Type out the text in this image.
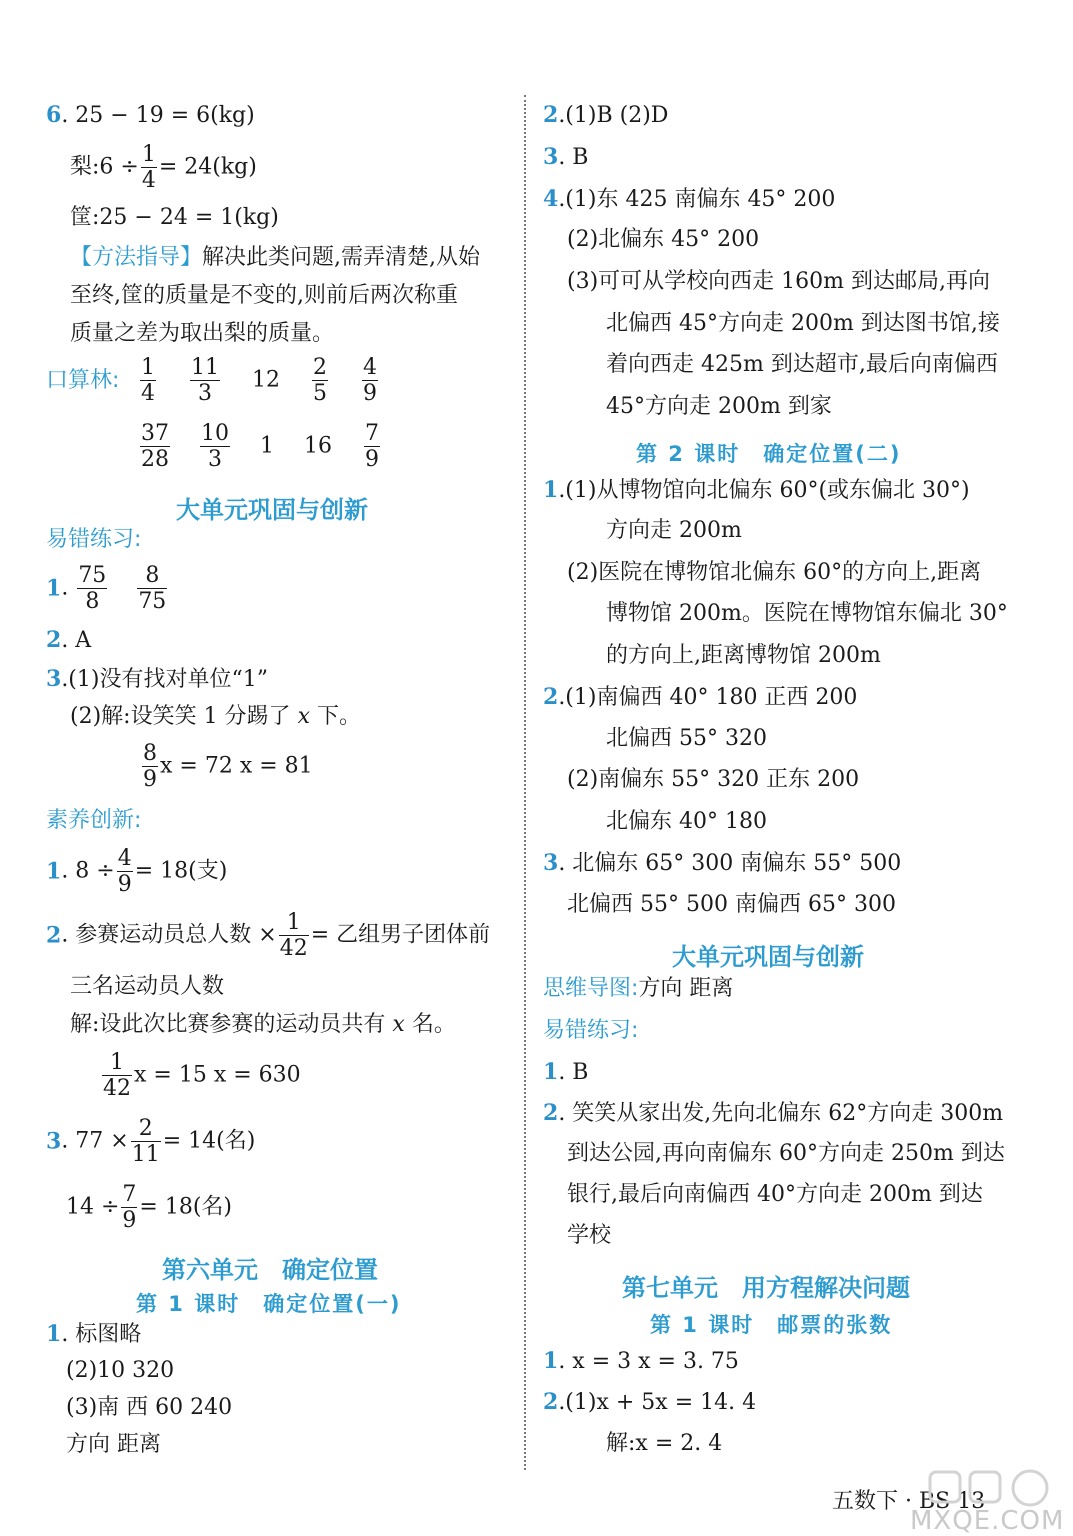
6. 25 − 19 = 6(kg)
梨:6 ÷ $\frac{1}{4} = 24(kg)$
筐:25 − 24 = 1(kg)
【方法指导】解决此类问题,需弄清楚,从始
至终,筐的质量是不变的,则前后两次称重
质量之差为取出梨的质量。
口算林: $\frac{1}{4}$
$\frac{11}{3} 12 \frac{2}{5}$
$\frac{4}{9}$
$\frac{37}{28}$
$\frac{10}{3} 1$ $16 \frac{7}{9}$
大单元巩固与创新
易错练习:
1. $\frac{75}{8}$
$\frac{8}{75}$
2. A
3.(1)没有找对单位“1”
(2)解:设笑笑 1 分踢了 x 下。
$\frac{8}{9}$ x = 72 x = 81
素养创新:
1. $8 \div \frac{4}{9} = 18$(支)
2. 参赛运动员总人数 × $\frac{1}{42}$ = 乙组男子团体前
三名运动员人数
解:设此次比赛参赛的运动员共有 x 名。
$\frac{1}{42}$ x = 15 x = 630
3. $77 \times \frac{2}{11} = 14$(名)
$14 \div \frac{7}{9} = 18$(名)
第六单元　确定位置
第 1 课时　确定位置(一)
1. 标图略
(2)10 320
(3)南 西 60 240
方向 距离
2.(1)B (2)D
3. B
4.(1)东 425 南偏东 45° 200
(2)北偏东 45° 200
(3)可可从学校向西走 160m 到达邮局,再向
北偏西 45°方向走 200m 到达图书馆,接
着向西走 425m 到达超市,最后向南偏西
45°方向走 200m 到家
第 2 课时　确定位置(二)
1.(1)从博物馆向北偏东 60°(或东偏北 30°)
方向走 200m
(2)医院在博物馆北偏东 60°的方向上,距离
博物馆 200m。医院在博物馆东偏北 30°
的方向上,距离博物馆 200m
2.(1)南偏西 40° 180 正西 200
北偏西 55° 320
(2)南偏东 55° 320 正东 200
北偏东 40° 180
3. 北偏东 65° 300 南偏东 55° 500
北偏西 55° 500 南偏西 65° 300
大单元巩固与创新
思维导图:方向 距离
易错练习:
1. B
2. 笑笑从家出发,先向北偏东 62°方向走 300m
到达公园,再向南偏东 60°方向走 250m 到达
银行,最后向南偏西 40°方向走 200m 到达
学校
第七单元　用方程解决问题
第 1 课时　邮票的张数
1. x = 3 x = 3. 75
2.(1)x + 5x = 14. 4
解:x = 2. 4
五数下 · BS 13
MXQE.COM
